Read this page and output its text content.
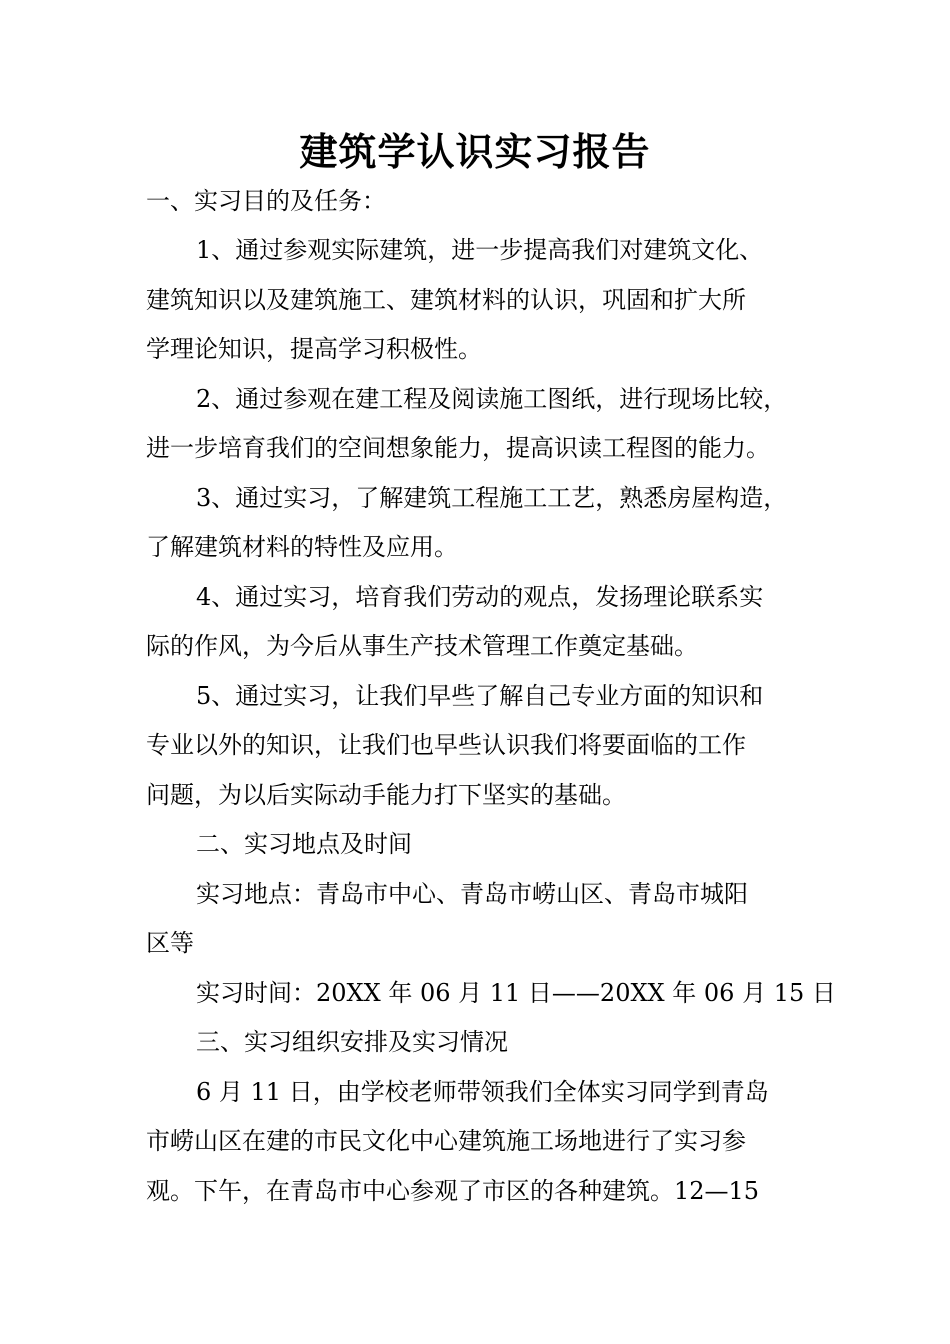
建筑学认识实习报告
一、实习目的及任务：
1、通过参观实际建筑，进一步提高我们对建筑文化、
建筑知识以及建筑施工、建筑材料的认识，巩固和扩大所
学理论知识，提高学习积极性。
2、通过参观在建工程及阅读施工图纸，进行现场比较，
进一步培育我们的空间想象能力，提高识读工程图的能力。
3、通过实习，了解建筑工程施工工艺，熟悉房屋构造，
了解建筑材料的特性及应用。
4、通过实习，培育我们劳动的观点，发扬理论联系实
际的作风，为今后从事生产技术管理工作奠定基础。
5、通过实习，让我们早些了解自己专业方面的知识和
专业以外的知识，让我们也早些认识我们将要面临的工作
问题，为以后实际动手能力打下坚实的基础。
二、实习地点及时间
实习地点：青岛市中心、青岛市崂山区、青岛市城阳
区等
实习时间：20XX 年 06 月 11 日——20XX 年 06 月 15 日
三、实习组织安排及实习情况
6 月 11 日，由学校老师带领我们全体实习同学到青岛
市崂山区在建的市民文化中心建筑施工场地进行了实习参
观。下午，在青岛市中心参观了市区的各种建筑。12—15
